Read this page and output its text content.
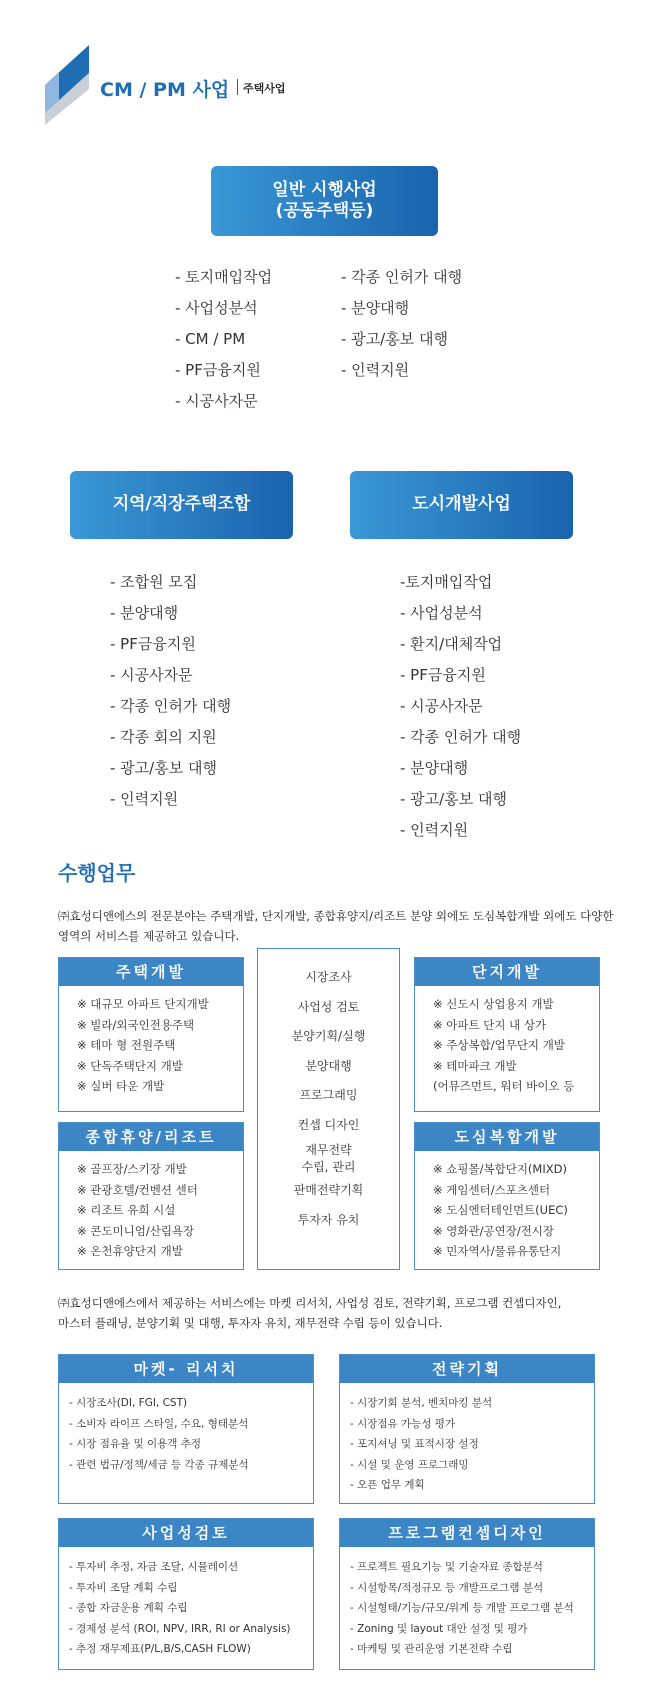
CM / PM 사업 주택사업
일반 시행사업
(공동주택등)
- 토지매입작업
- 사업성분석
- CM / PM
- PF금융지원
- 시공사자문
- 각종 인허가 대행
- 분양대행
- 광고/홍보 대행
- 인력지원
지역/직장주택조합
- 조합원 모집
- 분양대행
- PF금융지원
- 시공사자문
- 각종 인허가 대행
- 각종 회의 지원
- 광고/홍보 대행
- 인력지원
도시개발사업
-토지매입작업
- 사업성분석
- 환지/대체작업
- PF금융지원
- 시공사자문
- 각종 인허가 대행
- 분양대행
- 광고/홍보 대행
- 인력지원
수행업무
㈜효성디앤에스의 전문분야는 주택개발, 단지개발, 종합휴양지/리조트 분양 외에도 도심복합개발 외에도 다양한
영역의 서비스를 제공하고 있습니다.
주택개발
※ 대규모 아파트 단지개발
※ 빌라/외국인전용주택
※ 테마 형 전원주택
※ 단독주택단지 개발
※ 실버 타운 개발
단지개발
※ 신도시 상업용지 개발
※ 아파트 단지 내 상가
※ 주상복합/업무단지 개발
※ 테마파크 개발
(어뮤즈먼트, 워터 바이오 등
시장조사
사업성 검토
분양기획/실행
분양대행
프로그래밍
컨셉 디자인
재무전략
수립, 관리
판매전략기획
투자자 유치
종합휴양/리조트
※ 골프장/스키장 개발
※ 관광호텔/컨벤션 센터
※ 리조트 유희 시설
※ 콘도미니엄/산림욕장
※ 온천휴양단지 개발
도심복합개발
※ 쇼핑몰/복합단지(MIXD)
※ 게임센터/스포츠센터
※ 도심엔터테인먼트(UEC)
※ 영화관/공연장/전시장
※ 민자역사/물류유통단지
㈜효성디앤에스에서 제공하는 서비스에는 마켓 리서치, 사업성 검토, 전략기획, 프로그램 컨셉디자인,
마스터 플래닝, 분양기획 및 대행, 투자자 유치, 재무전략 수립 등이 있습니다.
마켓- 리서치
- 시장조사(DI, FGI, CST)
- 소비자 라이프 스타일, 수요, 형태분석
- 시장 점유율 및 이용객 추정
- 관련 법규/정책/세금 등 각종 규제분석
전략기획
- 시장기회 분석, 벤치마킹 분석
- 시장점유 가능성 평가
- 포지셔닝 및 표적시장 설정
- 시설 및 운영 프로그래밍
- 오픈 업무 계획
사업성검토
- 투자비 추정, 자금 조달, 시뮬레이션
- 투자비 조달 계획 수립
- 종합 자금운용 계획 수립
- 경제성 분석 (ROI, NPV, IRR, RI or Analysis)
- 추정 재무제표(P/L,B/S,CASH FLOW)
프로그램컨셉디자인
- 프로젝트 필요기능 및 기술자료 종합분석
- 시설항목/적정규모 등 개발프로그램 분석
- 시설형태/기능/규모/위계 등 개발 프로그램 분석
- Zoning 및 layout 대안 설정 및 평가
- 마케팅 및 관리운영 기본전략 수립
